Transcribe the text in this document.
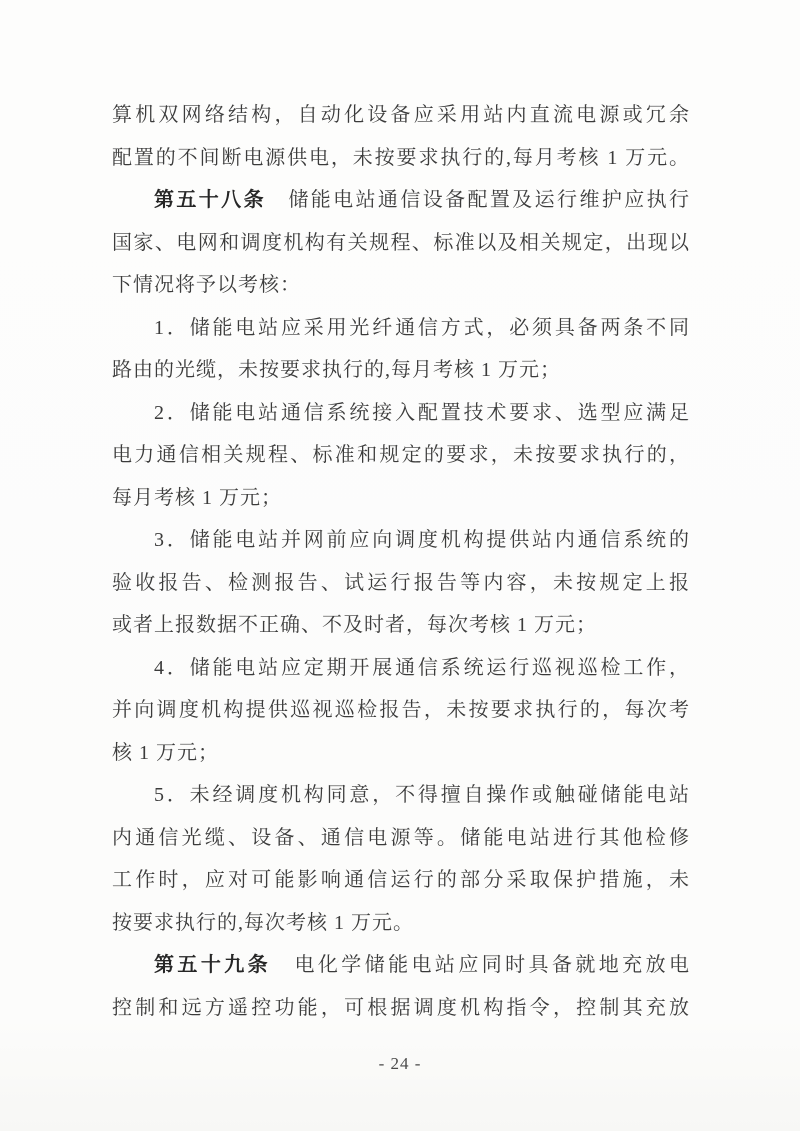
算机双网络结构，自动化设备应采用站内直流电源或冗余

配置的不间断电源供电，未按要求执行的,每月考核 1 万元。

第五十八条　储能电站通信设备配置及运行维护应执行

国家、电网和调度机构有关规程、标准以及相关规定，出现以

下情况将予以考核：

1．储能电站应采用光纤通信方式，必须具备两条不同

路由的光缆，未按要求执行的,每月考核 1 万元；

2．储能电站通信系统接入配置技术要求、选型应满足

电力通信相关规程、标准和规定的要求，未按要求执行的，

每月考核 1 万元；

3．储能电站并网前应向调度机构提供站内通信系统的

验收报告、检测报告、试运行报告等内容，未按规定上报

或者上报数据不正确、不及时者，每次考核 1 万元；

4．储能电站应定期开展通信系统运行巡视巡检工作，

并向调度机构提供巡视巡检报告，未按要求执行的，每次考

核 1 万元；

5．未经调度机构同意，不得擅自操作或触碰储能电站

内通信光缆、设备、通信电源等。储能电站进行其他检修

工作时，应对可能影响通信运行的部分采取保护措施，未

按要求执行的,每次考核 1 万元。

第五十九条　电化学储能电站应同时具备就地充放电

控制和远方遥控功能，可根据调度机构指令，控制其充放

- 24 -
